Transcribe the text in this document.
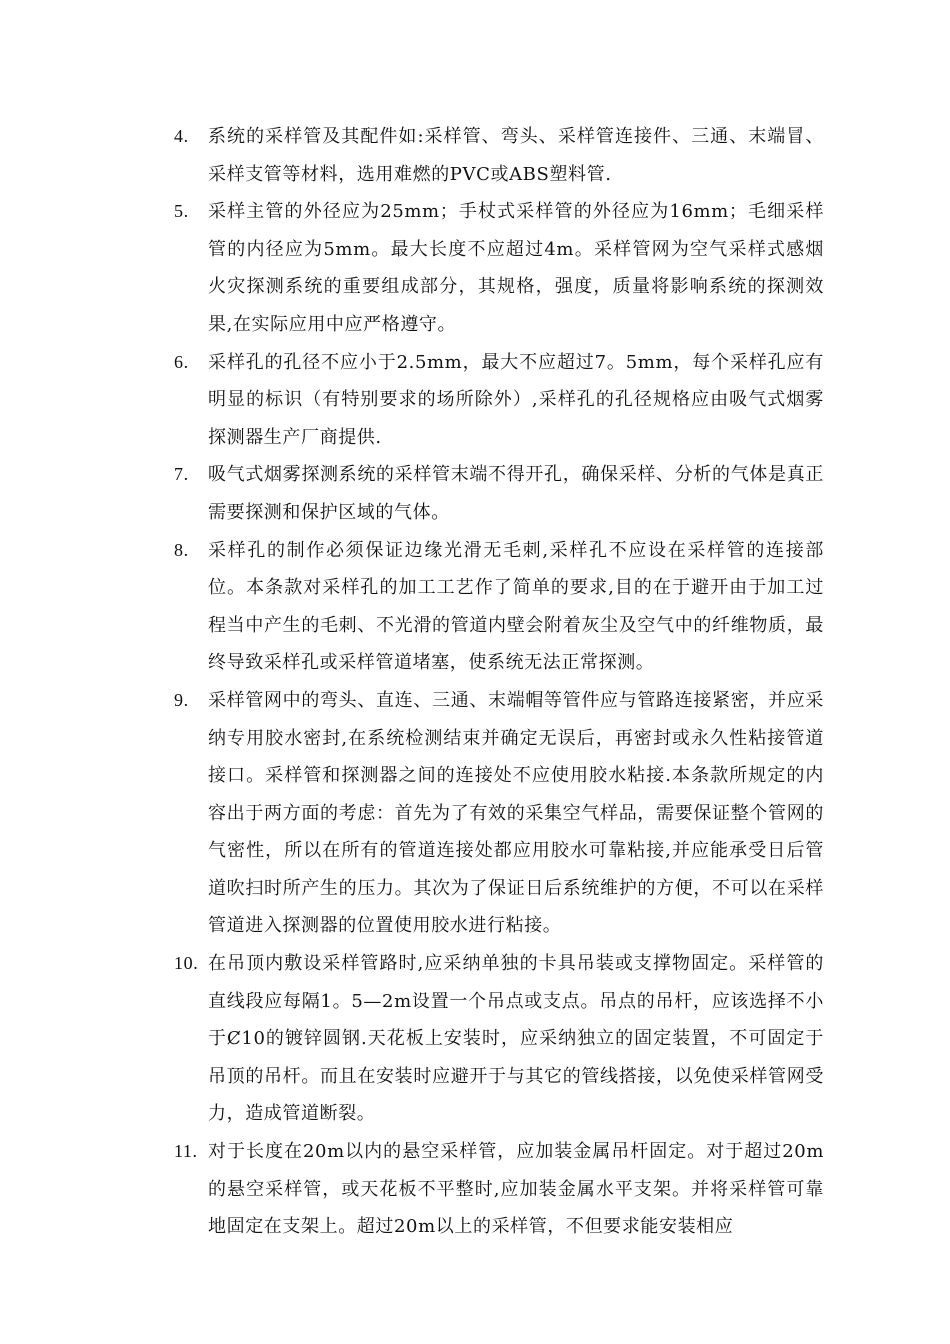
4. 系统的采样管及其配件如:采样管、弯头、采样管连接件、三通、末端冒、采样支管等材料，选用难燃的PVC或ABS塑料管.
5. 采样主管的外径应为25mm；手杖式采样管的外径应为16mm；毛细采样管的内径应为5mm。最大长度不应超过4m。采样管网为空气采样式感烟火灾探测系统的重要组成部分，其规格，强度，质量将影响系统的探测效果,在实际应用中应严格遵守。
6. 采样孔的孔径不应小于2.5mm，最大不应超过7。5mm，每个采样孔应有明显的标识（有特别要求的场所除外）,采样孔的孔径规格应由吸气式烟雾探测器生产厂商提供.
7. 吸气式烟雾探测系统的采样管末端不得开孔，确保采样、分析的气体是真正需要探测和保护区域的气体。
8. 采样孔的制作必须保证边缘光滑无毛刺,采样孔不应设在采样管的连接部位。本条款对采样孔的加工工艺作了简单的要求,目的在于避开由于加工过程当中产生的毛刺、不光滑的管道内壁会附着灰尘及空气中的纤维物质，最终导致采样孔或采样管道堵塞，使系统无法正常探测。
9. 采样管网中的弯头、直连、三通、末端帽等管件应与管路连接紧密，并应采纳专用胶水密封,在系统检测结束并确定无误后，再密封或永久性粘接管道接口。采样管和探测器之间的连接处不应使用胶水粘接.本条款所规定的内容出于两方面的考虑：首先为了有效的采集空气样品，需要保证整个管网的气密性，所以在所有的管道连接处都应用胶水可靠粘接,并应能承受日后管道吹扫时所产生的压力。其次为了保证日后系统维护的方便，不可以在采样管道进入探测器的位置使用胶水进行粘接。
10. 在吊顶内敷设采样管路时,应采纳单独的卡具吊装或支撑物固定。采样管的直线段应每隔1。5—2m设置一个吊点或支点。吊点的吊杆，应该选择不小于Ȼ10的镀锌圆钢.天花板上安装时，应采纳独立的固定装置，不可固定于吊顶的吊杆。而且在安装时应避开于与其它的管线搭接，以免使采样管网受力，造成管道断裂。
11. 对于长度在20m以内的悬空采样管，应加装金属吊杆固定。对于超过20m的悬空采样管，或天花板不平整时,应加装金属水平支架。并将采样管可靠地固定在支架上。超过20m以上的采样管，不但要求能安装相应
